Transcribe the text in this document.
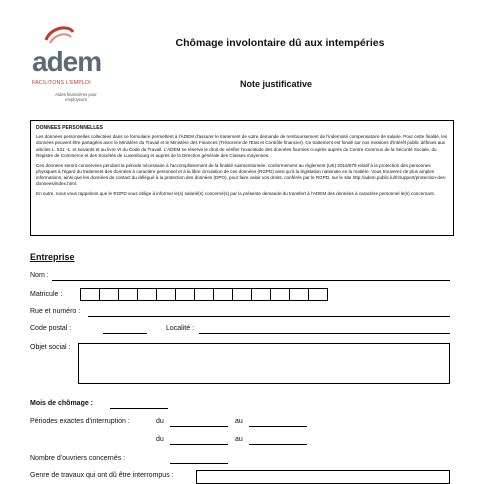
adem
FACILITONS L'EMPLOI
Aides financières pour employeurs
Chômage involontaire dû aux intempéries
Note justificative
DONNEES PERSONNELLES

Les données personnelles collectées dans ce formulaire permettent à l'ADEM d'assurer le traitement de votre demande de remboursement de l'indemnité compensatoire de salaire. Pour cette finalité, les données peuvent être partagées avec le Ministère du Travail et le Ministère des Finances (Trésorerie de l'Etat et Contrôle financier). Ce traitement est fondé sur nos missions d'intérêt public définies aux articles L. 531 -1. et suivants et au livre VI du Code du Travail. L'ADEM se réserve le droit de vérifier l'exactitude des données fournies ci-après auprès du Centre Commun de la Sécurité Sociale, du Registre de Commerce et des Sociétés de Luxembourg et auprès de la Direction générale des Classes moyennes.

Ces données seront conservées pendant la période nécessaire à l'accomplissement de la finalité susmentionnée, conformément au règlement (UE) 2016/679 relatif à la protection des personnes physiques à l'égard du traitement des données à caractère personnel et à la libre circulation de ces données (RGPD) ainsi qu'à la législation nationale en la matière. Vous trouverez de plus amples informations, ainsi que les données de contact du délégué à la protection des données (DPO), pour faire valoir vos droits, conférés par le RGPD, sur le site http://adem.public.lu/fr/support/protection-des-donnees/index.html.

En outre, nous vous rappelons que le RGPD vous oblige à informer le(s) salarié(s) concerné(s) par la présente demande du transfert à l'ADEM des données à caractère personnel le(s) concernant.

Entreprise
Nom :
Matricule :
Rue et numéro :
Code postal :	Localité :
Objet social :
Mois de chômage :
Périodes exactes d'interruption :	du	au
du	au
Nombre d'ouvriers concernés :
Genre de travaux qui ont dû être interrompus :
